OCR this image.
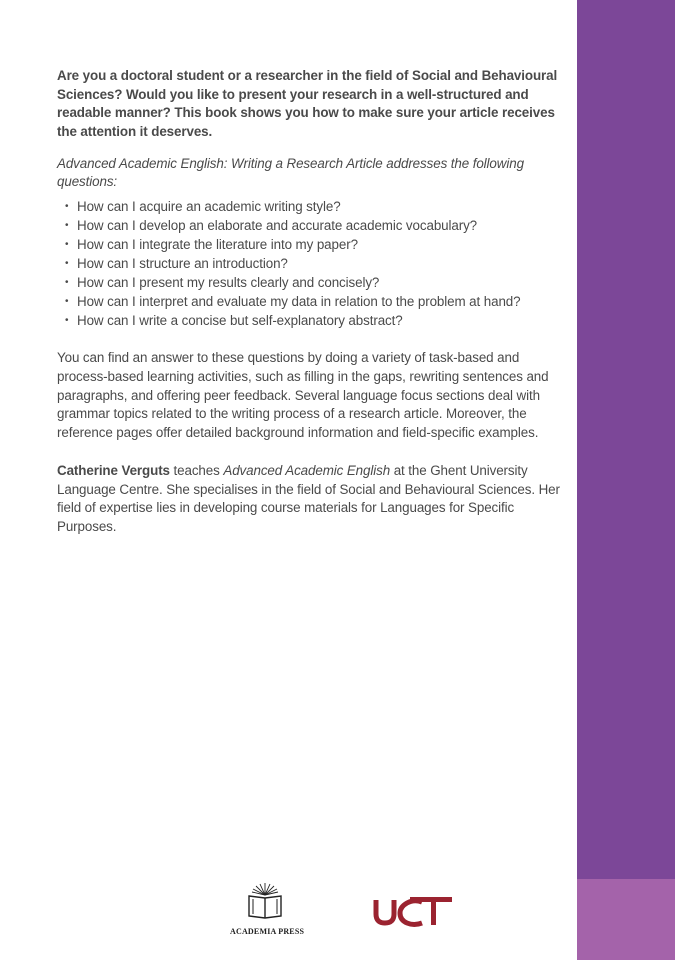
Are you a doctoral student or a researcher in the field of Social and Behavioural Sciences? Would you like to present your research in a well-structured and readable manner? This book shows you how to make sure your article receives the attention it deserves.

Advanced Academic English: Writing a Research Article addresses the following questions:

• How can I acquire an academic writing style?
• How can I develop an elaborate and accurate academic vocabulary?
• How can I integrate the literature into my paper?
• How can I structure an introduction?
• How can I present my results clearly and concisely?
• How can I interpret and evaluate my data in relation to the problem at hand?
• How can I write a concise but self-explanatory abstract?

You can find an answer to these questions by doing a variety of task-based and process-based learning activities, such as filling in the gaps, rewriting sentences and paragraphs, and offering peer feedback. Several language focus sections deal with grammar topics related to the writing process of a research article. Moreover, the reference pages offer detailed background information and field-specific examples.

Catherine Verguts teaches Advanced Academic English at the Ghent University Language Centre. She specialises in the field of Social and Behavioural Sciences. Her field of expertise lies in developing course materials for Languages for Specific Purposes.

ACADEMIA PRESS
